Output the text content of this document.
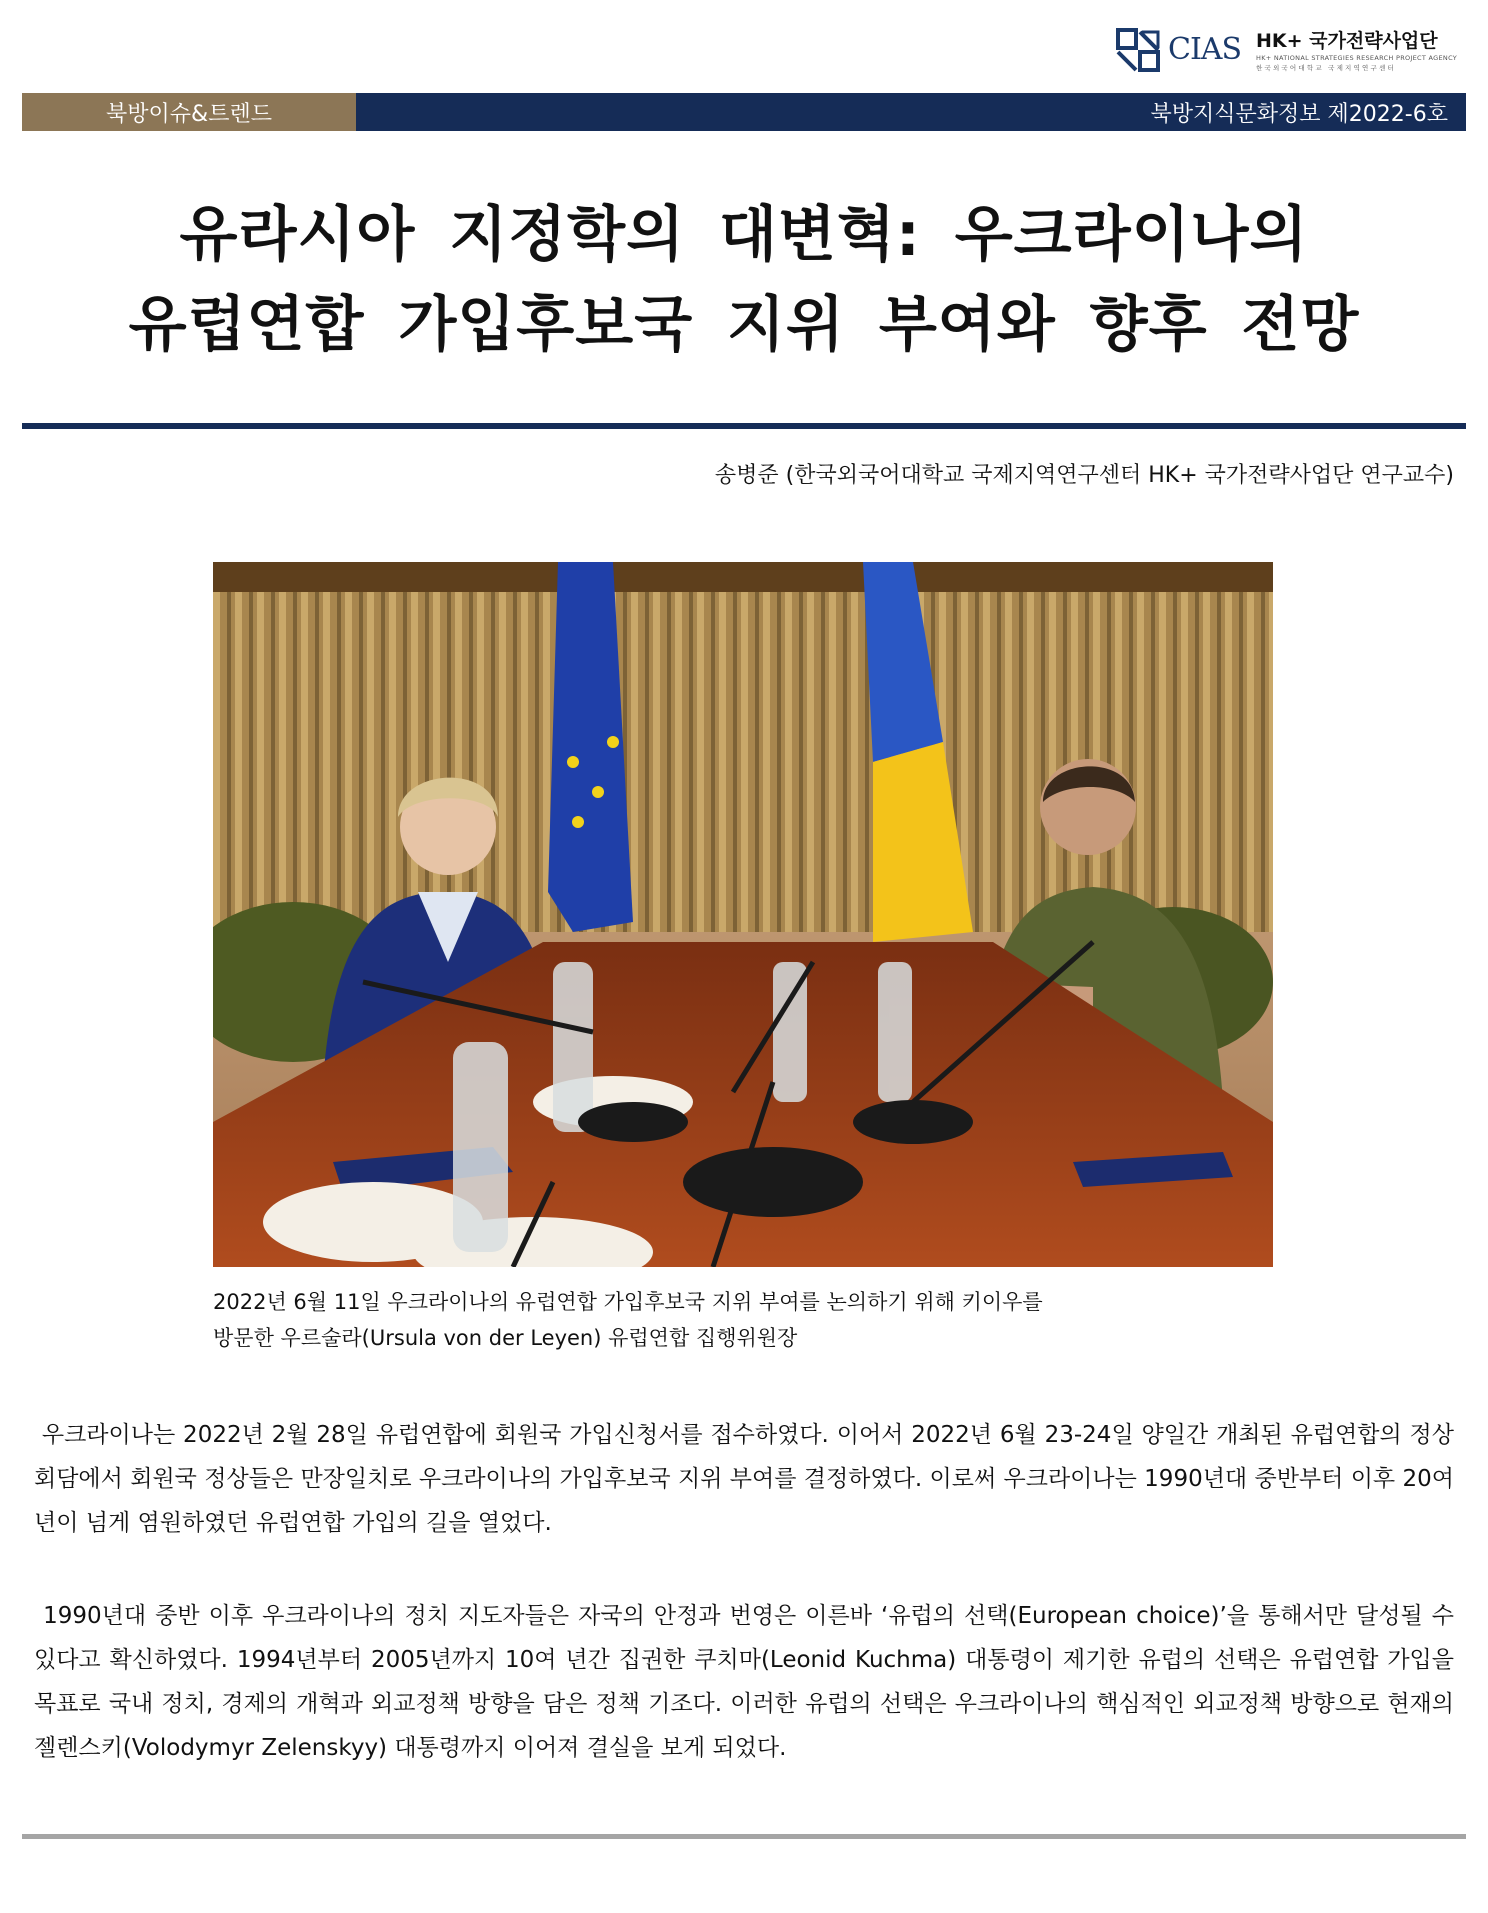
CIAS HK+ 국가전략사업단
HK+ NATIONAL STRATEGIES RESEARCH PROJECT AGENCY
한국외국어대학교 국제지역연구센터
북방이슈&트렌드	북방지식문화정보 제2022-6호
유라시아 지정학의 대변혁: 우크라이나의
유럽연합 가입후보국 지위 부여와 향후 전망
송병준 (한국외국어대학교 국제지역연구센터 HK+ 국가전략사업단 연구교수)
2022년 6월 11일 우크라이나의 유럽연합 가입후보국 지위 부여를 논의하기 위해 키이우를
방문한 우르술라(Ursula von der Leyen) 유럽연합 집행위원장
우크라이나는 2022년 2월 28일 유럽연합에 회원국 가입신청서를 접수하였다. 이어서 2022년 6월 23-24일 양일간 개최된 유럽연합의 정상회담에서 회원국 정상들은 만장일치로 우크라이나의 가입후보국 지위 부여를 결정하였다. 이로써 우크라이나는 1990년대 중반부터 이후 20여 년이 넘게 염원하였던 유럽연합 가입의 길을 열었다.
1990년대 중반 이후 우크라이나의 정치 지도자들은 자국의 안정과 번영은 이른바 ‘유럽의 선택(European choice)’을 통해서만 달성될 수 있다고 확신하였다. 1994년부터 2005년까지 10여 년간 집권한 쿠치마(Leonid Kuchma) 대통령이 제기한 유럽의 선택은 유럽연합 가입을 목표로 국내 정치, 경제의 개혁과 외교정책 방향을 담은 정책 기조다. 이러한 유럽의 선택은 우크라이나의 핵심적인 외교정책 방향으로 현재의 젤렌스키(Volodymyr Zelenskyy) 대통령까지 이어져 결실을 보게 되었다.
